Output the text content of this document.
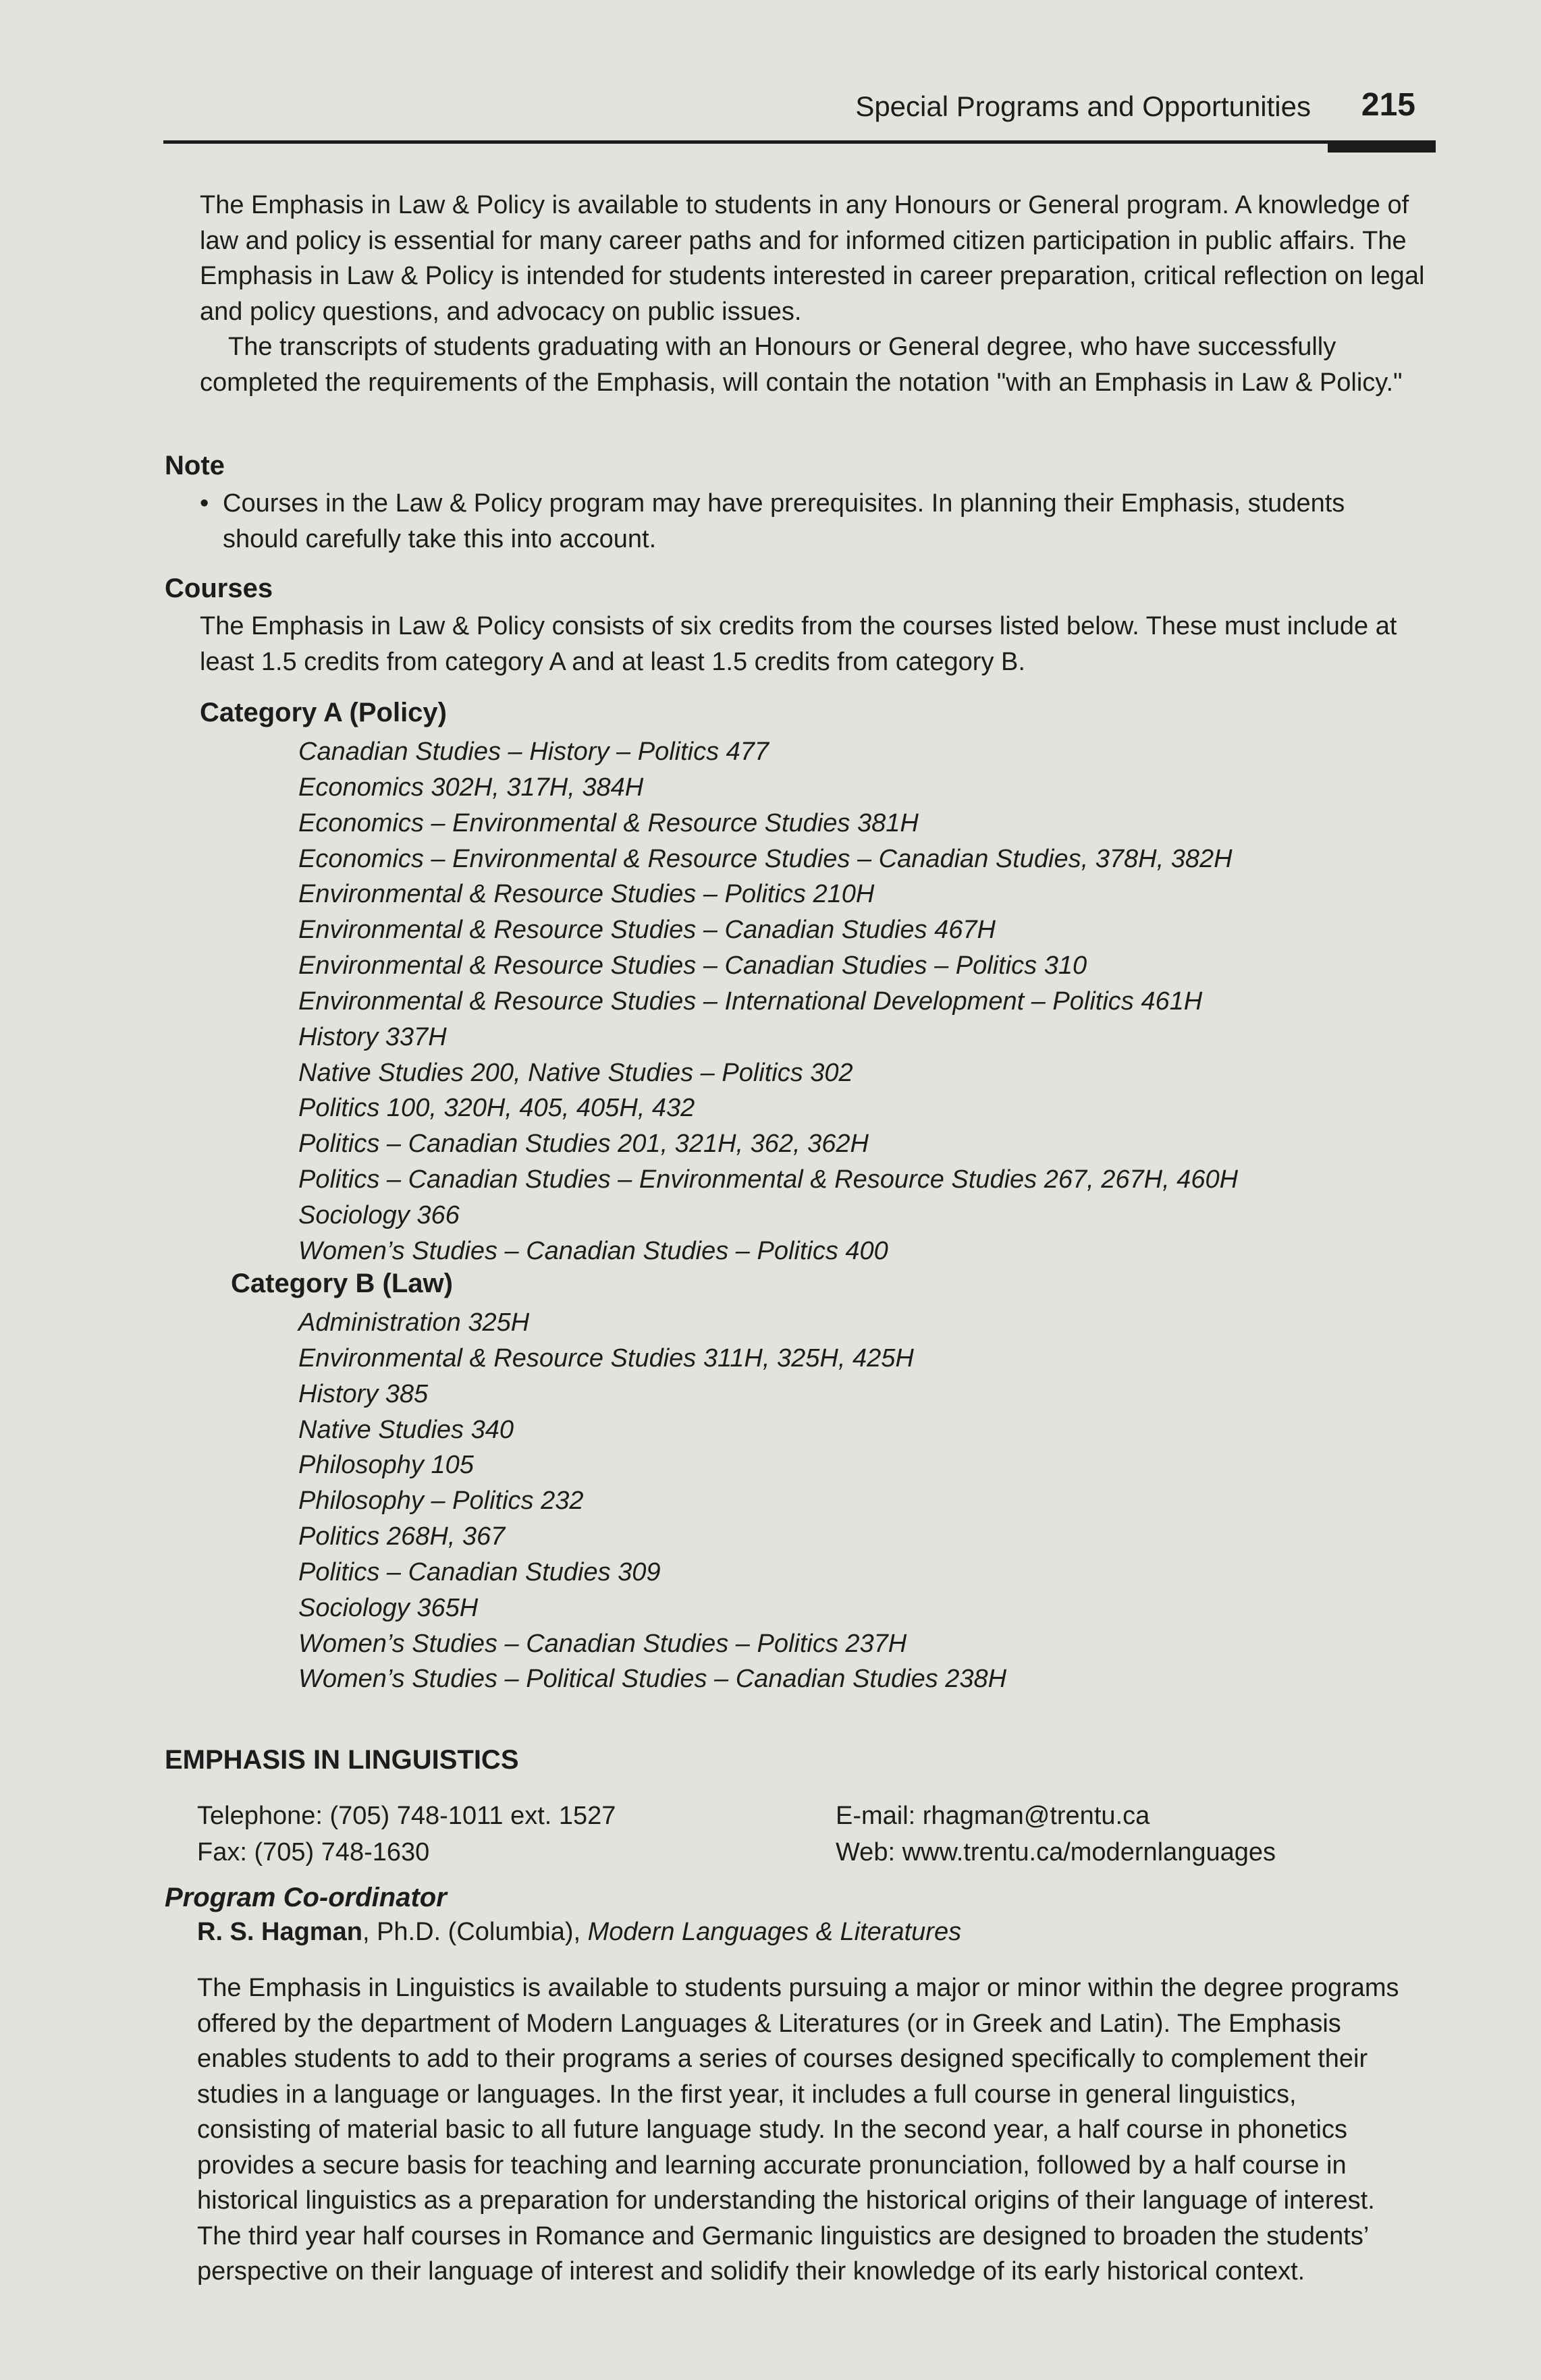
Special Programs and Opportunities 215

The Emphasis in Law & Policy is available to students in any Honours or General program. A knowledge of law and policy is essential for many career paths and for informed citizen participation in public affairs. The Emphasis in Law & Policy is intended for students interested in career preparation, critical reflection on legal and policy questions, and advocacy on public issues.

The transcripts of students graduating with an Honours or General degree, who have successfully completed the requirements of the Emphasis, will contain the notation "with an Emphasis in Law & Policy."

Note
• Courses in the Law & Policy program may have prerequisites. In planning their Emphasis, students should carefully take this into account.
Courses

The Emphasis in Law & Policy consists of six credits from the courses listed below. These must include at least 1.5 credits from category A and at least 1.5 credits from category B.

Category A (Policy)
Canadian Studies – History – Politics 477
Economics 302H, 317H, 384H
Economics – Environmental & Resource Studies 381H
Economics – Environmental & Resource Studies – Canadian Studies, 378H, 382H
Environmental & Resource Studies – Politics 210H
Environmental & Resource Studies – Canadian Studies 467H
Environmental & Resource Studies – Canadian Studies – Politics 310
Environmental & Resource Studies – International Development – Politics 461H
History 337H
Native Studies 200, Native Studies – Politics 302
Politics 100, 320H, 405, 405H, 432
Politics – Canadian Studies 201, 321H, 362, 362H
Politics – Canadian Studies – Environmental & Resource Studies 267, 267H, 460H
Sociology 366
Women’s Studies – Canadian Studies – Politics 400
Category B (Law)
Administration 325H
Environmental & Resource Studies 311H, 325H, 425H
History 385
Native Studies 340
Philosophy 105
Philosophy – Politics 232
Politics 268H, 367
Politics – Canadian Studies 309
Sociology 365H
Women’s Studies – Canadian Studies – Politics 237H
Women’s Studies – Political Studies – Canadian Studies 238H
EMPHASIS IN LINGUISTICS
Telephone: (705) 748-1011 ext. 1527
Fax: (705) 748-1630
E-mail: rhagman@trentu.ca
Web: www.trentu.ca/modernlanguages
Program Co-ordinator
R. S. Hagman, Ph.D. (Columbia), Modern Languages & Literatures

The Emphasis in Linguistics is available to students pursuing a major or minor within the degree programs offered by the department of Modern Languages & Literatures (or in Greek and Latin). The Emphasis enables students to add to their programs a series of courses designed specifically to complement their studies in a language or languages. In the first year, it includes a full course in general linguistics, consisting of material basic to all future language study. In the second year, a half course in phonetics provides a secure basis for teaching and learning accurate pronunciation, followed by a half course in historical linguistics as a preparation for understanding the historical origins of their language of interest. The third year half courses in Romance and Germanic linguistics are designed to broaden the students’ perspective on their language of interest and solidify their knowledge of its early historical context.
